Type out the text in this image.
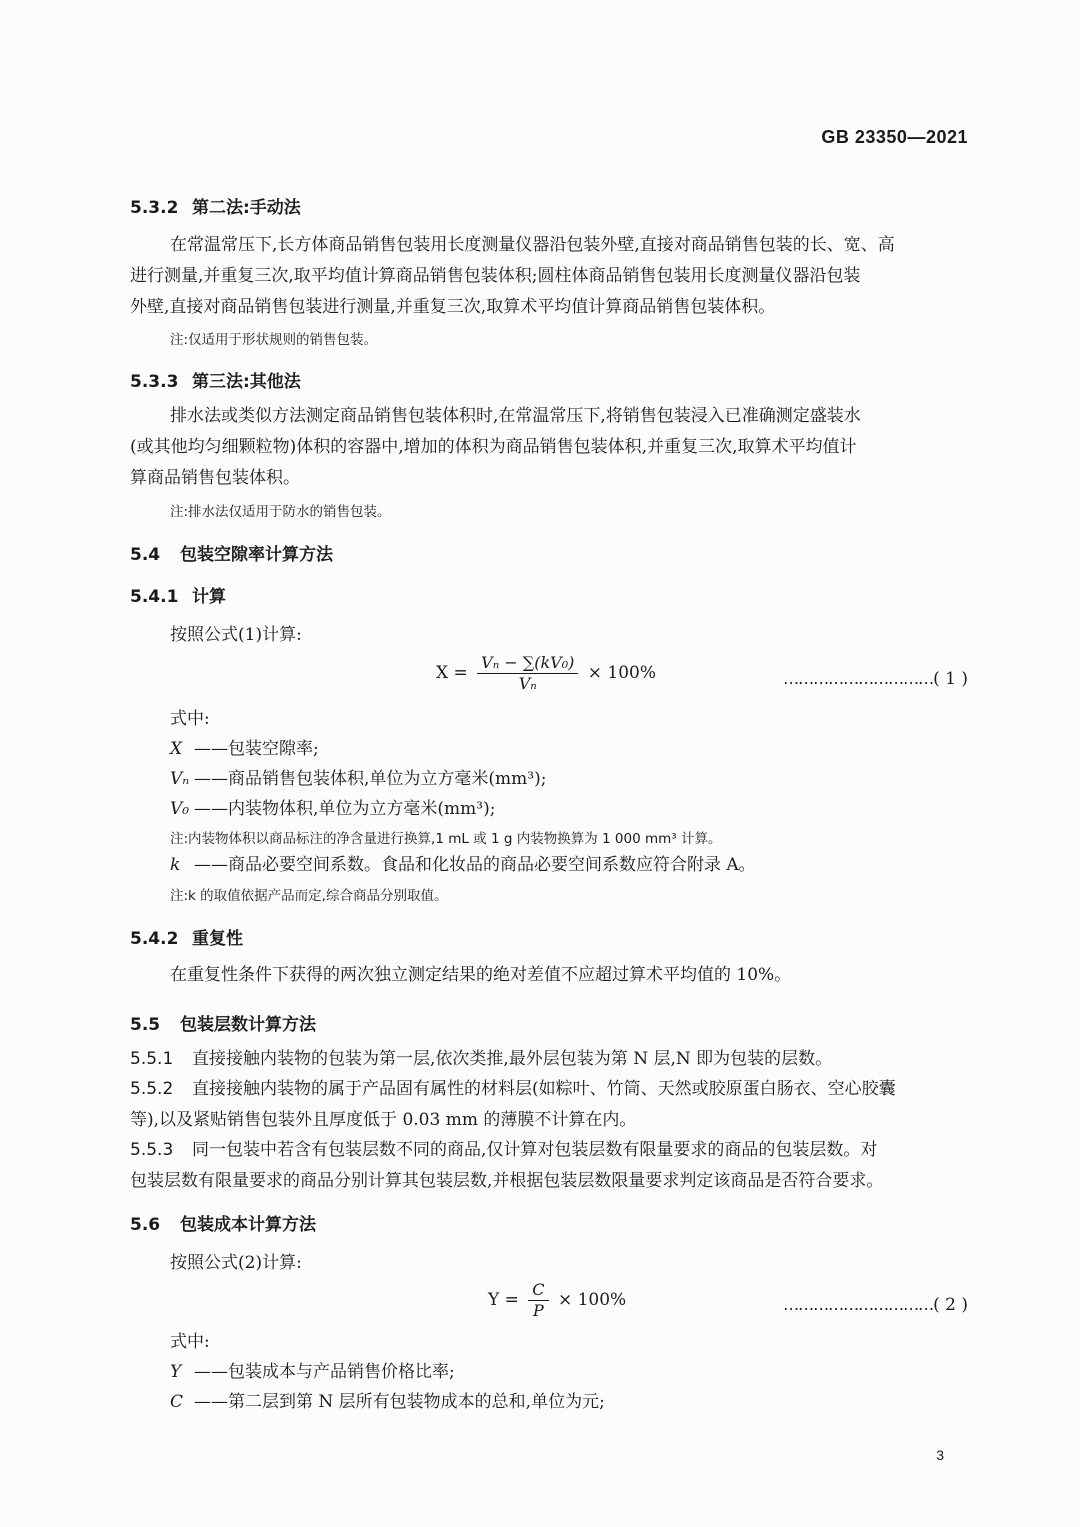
GB 23350—2021
5.3.2 第二法:手动法
在常温常压下,长方体商品销售包装用长度测量仪器沿包装外壁,直接对商品销售包装的长、宽、高
进行测量,并重复三次,取平均值计算商品销售包装体积;圆柱体商品销售包装用长度测量仪器沿包装
外壁,直接对商品销售包装进行测量,并重复三次,取算术平均值计算商品销售包装体积。
注:仅适用于形状规则的销售包装。
5.3.3 第三法:其他法
排水法或类似方法测定商品销售包装体积时,在常温常压下,将销售包装浸入已准确测定盛装水
(或其他均匀细颗粒物)体积的容器中,增加的体积为商品销售包装体积,并重复三次,取算术平均值计
算商品销售包装体积。
注:排水法仅适用于防水的销售包装。
5.4 包装空隙率计算方法
5.4.1 计算
按照公式(1)计算:
$X = \frac{\text{Vₙ − ∑(kV₀)}}{\text{Vₙ}} \times 100\%$	…………………………( 1 )
式中:
X ——包装空隙率;
Vₙ ——商品销售包装体积,单位为立方毫米(mm³);
V₀ ——内装物体积,单位为立方毫米(mm³);
注:内装物体积以商品标注的净含量进行换算,1 mL 或 1 g 内装物换算为 1 000 mm³ 计算。
k ——商品必要空间系数。食品和化妆品的商品必要空间系数应符合附录 A。
注:k 的取值依据产品而定,综合商品分别取值。
5.4.2 重复性
在重复性条件下获得的两次独立测定结果的绝对差值不应超过算术平均值的 10%。
5.5 包装层数计算方法
5.5.1 直接接触内装物的包装为第一层,依次类推,最外层包装为第 N 层,N 即为包装的层数。
5.5.2 直接接触内装物的属于产品固有属性的材料层(如粽叶、竹筒、天然或胶原蛋白肠衣、空心胶囊
等),以及紧贴销售包装外且厚度低于 0.03 mm 的薄膜不计算在内。
5.5.3 同一包装中若含有包装层数不同的商品,仅计算对包装层数有限量要求的商品的包装层数。对
包装层数有限量要求的商品分别计算其包装层数,并根据包装层数限量要求判定该商品是否符合要求。
5.6 包装成本计算方法
按照公式(2)计算:
$Y = \frac{C}{P} \times 100\%$	…………………………( 2 )
式中:
Y ——包装成本与产品销售价格比率;
C ——第二层到第 N 层所有包装物成本的总和,单位为元;
3
